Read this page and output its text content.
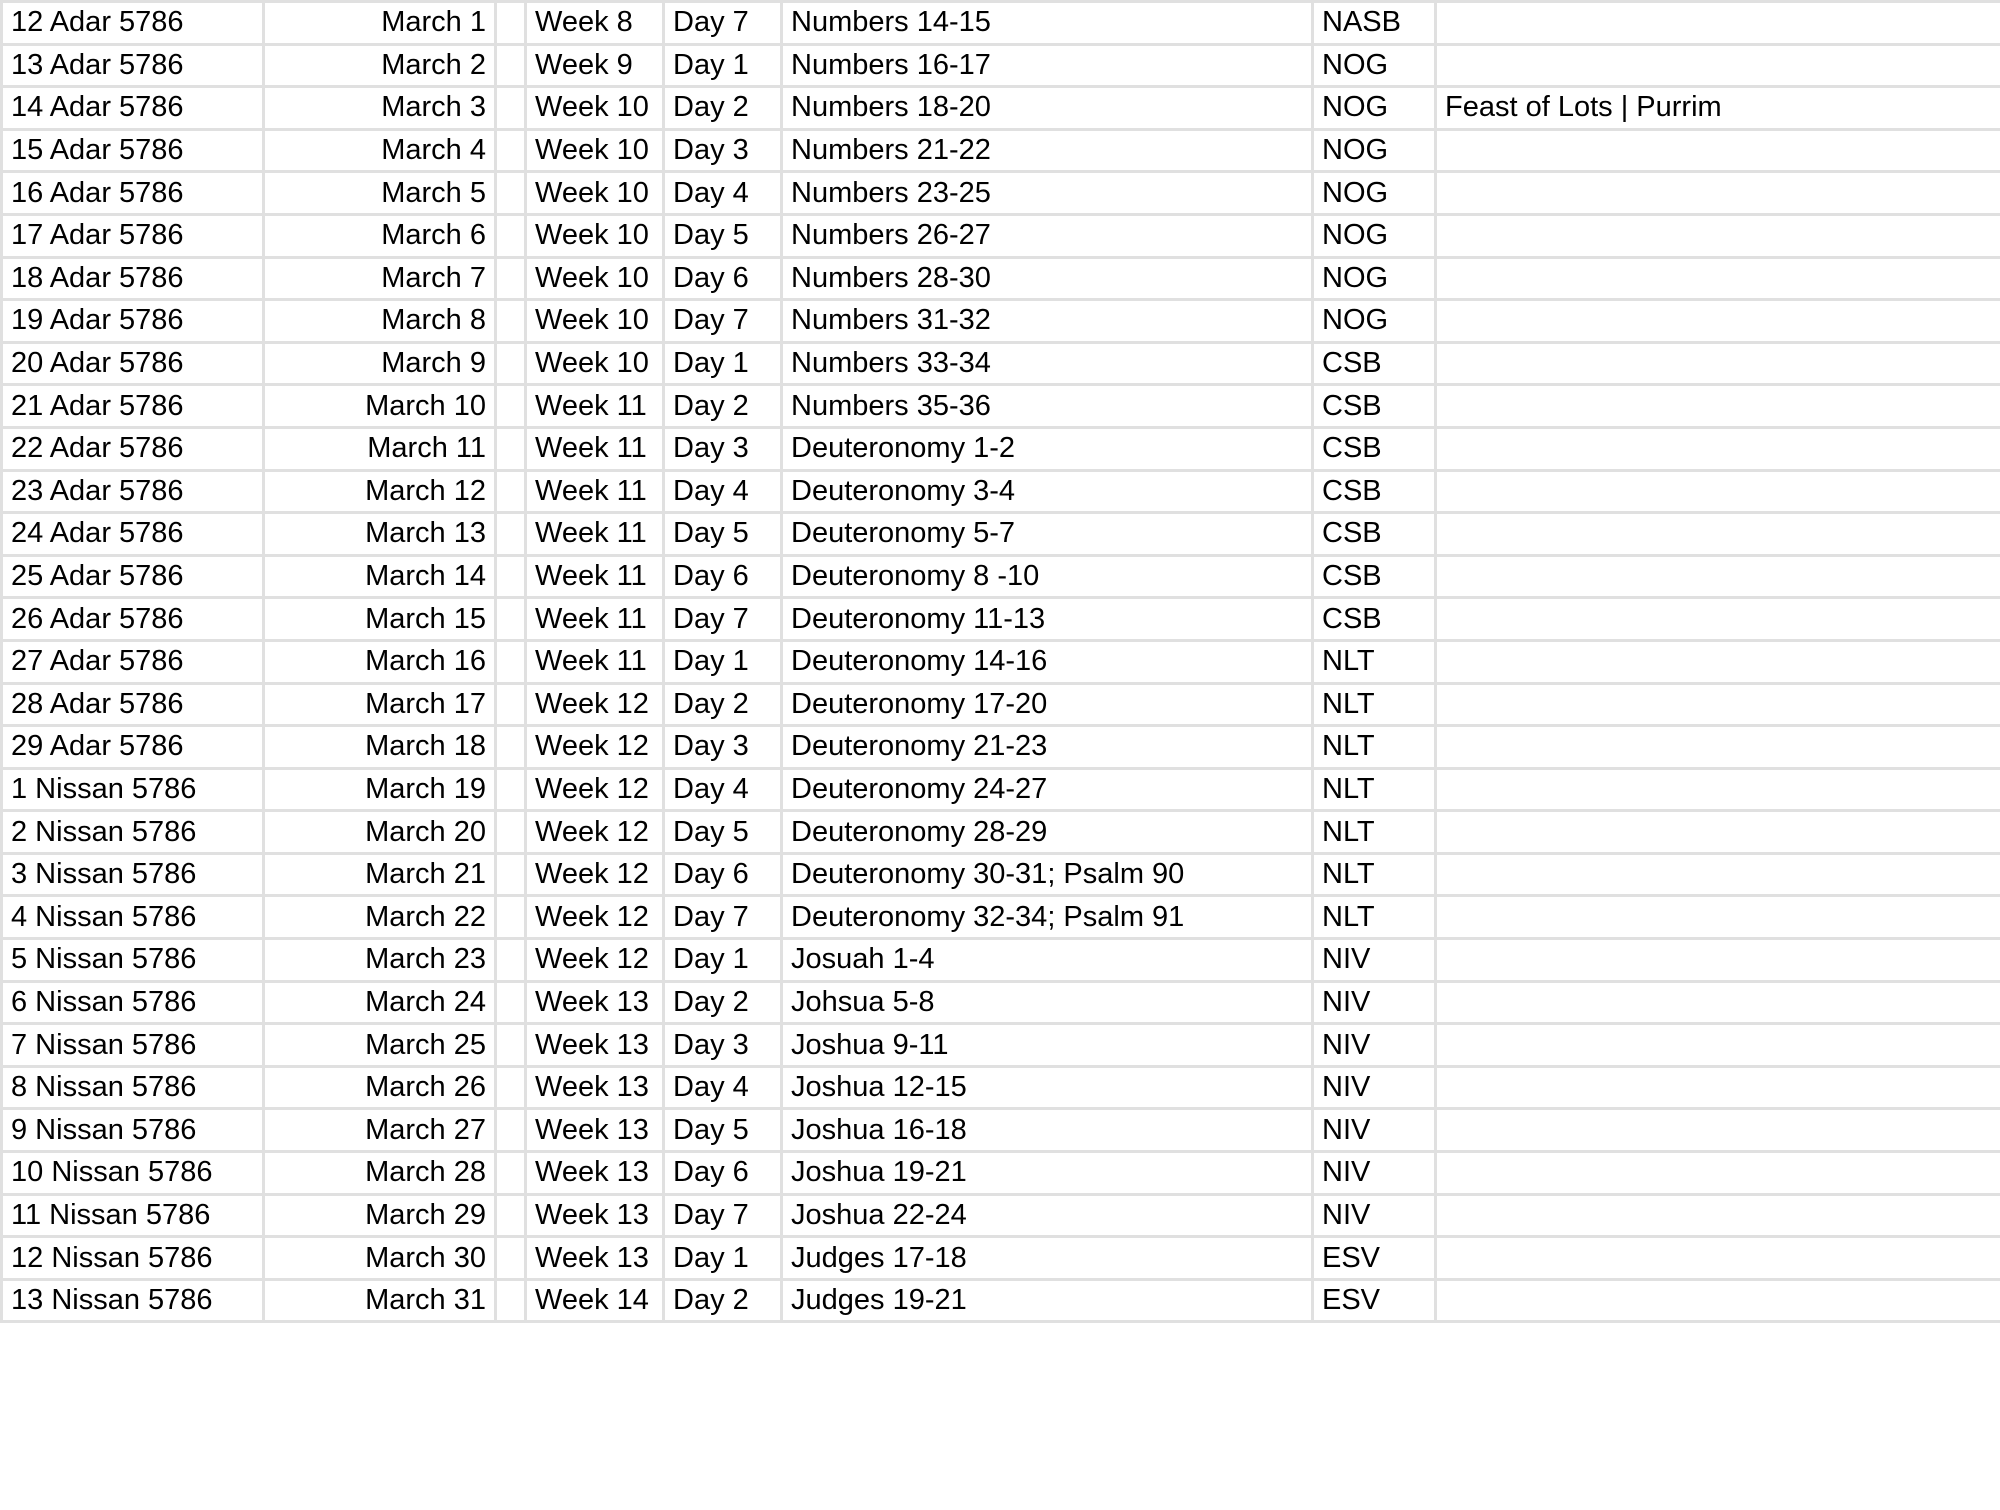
12 Adar 5786	March 1		Week 8	Day 7	Numbers 14-15	NASB	
13 Adar 5786	March 2		Week 9	Day 1	Numbers 16-17	NOG	
14 Adar 5786	March 3		Week 10	Day 2	Numbers 18-20	NOG	Feast of Lots | Purrim
15 Adar 5786	March 4		Week 10	Day 3	Numbers 21-22	NOG	
16 Adar 5786	March 5		Week 10	Day 4	Numbers 23-25	NOG	
17 Adar 5786	March 6		Week 10	Day 5	Numbers 26-27	NOG	
18 Adar 5786	March 7		Week 10	Day 6	Numbers 28-30	NOG	
19 Adar 5786	March 8		Week 10	Day 7	Numbers 31-32	NOG	
20 Adar 5786	March 9		Week 10	Day 1	Numbers 33-34	CSB	
21 Adar 5786	March 10		Week 11	Day 2	Numbers 35-36	CSB	
22 Adar 5786	March 11		Week 11	Day 3	Deuteronomy 1-2	CSB	
23 Adar 5786	March 12		Week 11	Day 4	Deuteronomy 3-4	CSB	
24 Adar 5786	March 13		Week 11	Day 5	Deuteronomy 5-7	CSB	
25 Adar 5786	March 14		Week 11	Day 6	Deuteronomy 8 -10	CSB	
26 Adar 5786	March 15		Week 11	Day 7	Deuteronomy 11-13	CSB	
27 Adar 5786	March 16		Week 11	Day 1	Deuteronomy 14-16	NLT	
28 Adar 5786	March 17		Week 12	Day 2	Deuteronomy 17-20	NLT	
29 Adar 5786	March 18		Week 12	Day 3	Deuteronomy 21-23	NLT	
1 Nissan 5786	March 19		Week 12	Day 4	Deuteronomy 24-27	NLT	
2 Nissan 5786	March 20		Week 12	Day 5	Deuteronomy 28-29	NLT	
3 Nissan 5786	March 21		Week 12	Day 6	Deuteronomy 30-31; Psalm 90	NLT	
4 Nissan 5786	March 22		Week 12	Day 7	Deuteronomy 32-34; Psalm 91	NLT	
5 Nissan 5786	March 23		Week 12	Day 1	Josuah 1-4	NIV	
6 Nissan 5786	March 24		Week 13	Day 2	Johsua 5-8	NIV	
7 Nissan 5786	March 25		Week 13	Day 3	Joshua 9-11	NIV	
8 Nissan 5786	March 26		Week 13	Day 4	Joshua 12-15	NIV	
9 Nissan 5786	March 27		Week 13	Day 5	Joshua 16-18	NIV	
10 Nissan 5786	March 28		Week 13	Day 6	Joshua 19-21	NIV	
11 Nissan 5786	March 29		Week 13	Day 7	Joshua 22-24	NIV	
12 Nissan 5786	March 30		Week 13	Day 1	Judges 17-18	ESV	
13 Nissan 5786	March 31		Week 14	Day 2	Judges 19-21	ESV	
